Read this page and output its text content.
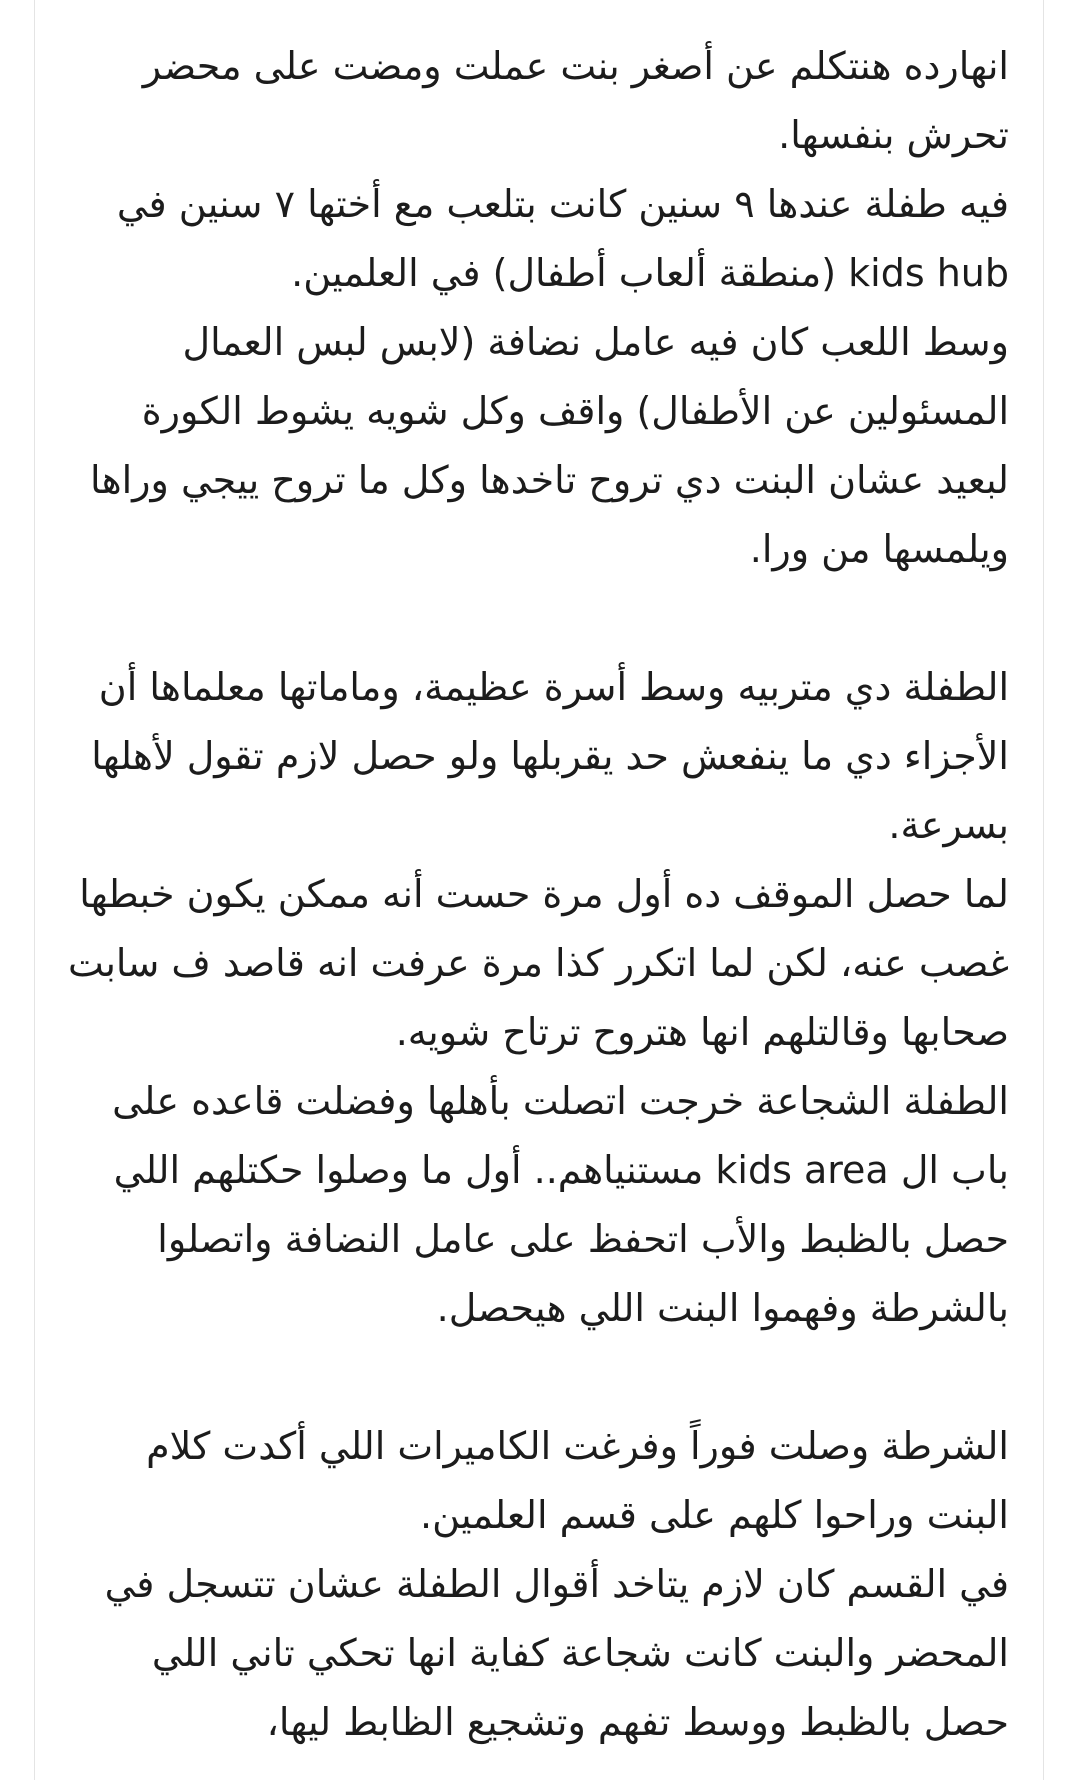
انهارده هنتكلم عن أصغر بنت عملت ومضت على محضر تحرش بنفسها.

فيه طفلة عندها ٩ سنين كانت بتلعب مع أختها ٧ سنين في kids hub (منطقة ألعاب أطفال) في العلمين.

وسط اللعب كان فيه عامل نضافة (لابس لبس العمال المسئولين عن الأطفال) واقف وكل شويه يشوط الكورة لبعيد عشان البنت دي تروح تاخدها وكل ما تروح ييجي وراها ويلمسها من ورا.

الطفلة دي متربيه وسط أسرة عظيمة، وماماتها معلماها أن الأجزاء دي ما ينفعش حد يقربلها ولو حصل لازم تقول لأهلها بسرعة.

لما حصل الموقف ده أول مرة حست أنه ممكن يكون خبطها غصب عنه، لكن لما اتكرر كذا مرة عرفت انه قاصد ف سابت صحابها وقالتلهم انها هتروح ترتاح شويه.

الطفلة الشجاعة خرجت اتصلت بأهلها وفضلت قاعده على باب ال kids area مستنياهم.. أول ما وصلوا حكتلهم اللي حصل بالظبط والأب اتحفظ على عامل النضافة واتصلوا بالشرطة وفهموا البنت اللي هيحصل.

الشرطة وصلت فوراً وفرغت الكاميرات اللي أكدت كلام البنت وراحوا كلهم على قسم العلمين.

في القسم كان لازم يتاخد أقوال الطفلة عشان تتسجل في المحضر والبنت كانت شجاعة كفاية انها تحكي تاني اللي حصل بالظبط ووسط تفهم وتشجيع الظابط ليها،
